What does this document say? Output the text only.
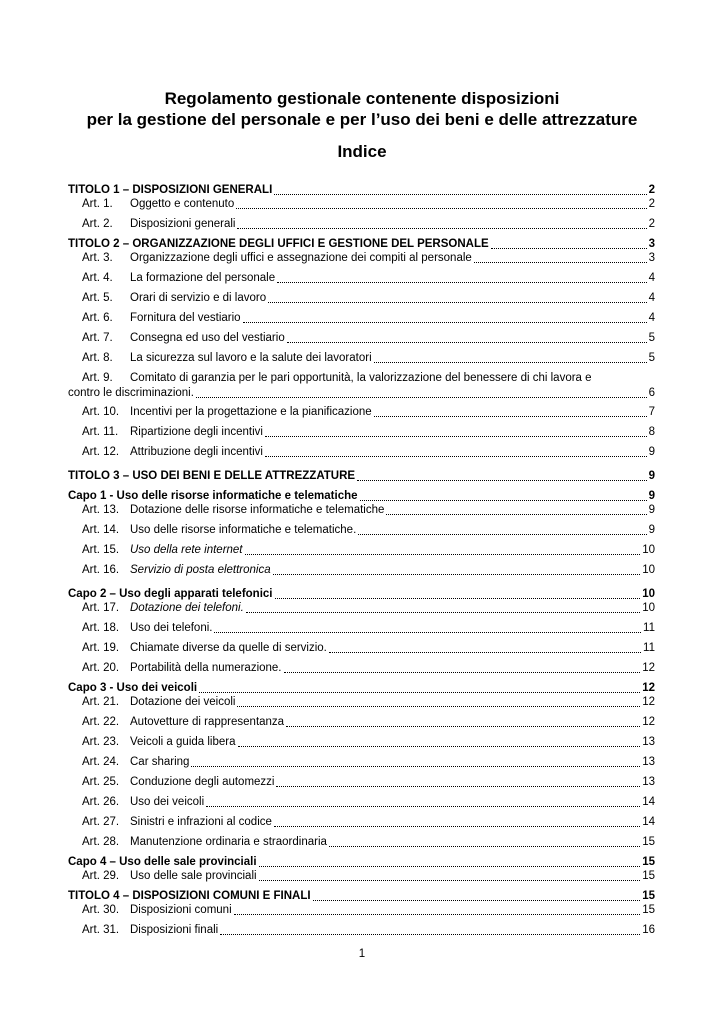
Regolamento gestionale contenente disposizioni
per la gestione del personale e per l’uso dei beni e delle attrezzature
Indice
TITOLO 1 – DISPOSIZIONI GENERALI	2
Art. 1.	Oggetto e contenuto	2
Art. 2.	Disposizioni generali	2
TITOLO 2 – ORGANIZZAZIONE DEGLI UFFICI E GESTIONE DEL PERSONALE	3
Art. 3.	Organizzazione degli uffici e assegnazione dei compiti al personale	3
Art. 4.	La formazione del personale	4
Art. 5.	Orari di servizio e di lavoro	4
Art. 6.	Fornitura del vestiario	4
Art. 7.	Consegna ed uso del vestiario	5
Art. 8.	La sicurezza sul lavoro e la salute dei lavoratori	5
Art. 9. Comitato di garanzia per le pari opportunità, la valorizzazione del benessere di chi lavora e
contro le discriminazioni.	6
Art. 10. Incentivi per la progettazione e la pianificazione	7
Art. 11.	Ripartizione degli incentivi	8
Art. 12. Attribuzione degli incentivi	9
TITOLO 3 – USO DEI BENI E DELLE ATTREZZATURE	9
Capo 1 - Uso delle risorse informatiche e telematiche	9
Art. 13. Dotazione delle risorse informatiche e telematiche	9
Art. 14. Uso delle risorse informatiche e telematiche.	9
Art. 15. Uso della rete internet	10
Art. 16. Servizio di posta elettronica	10
Capo 2 – Uso degli apparati telefonici	10
Art. 17. Dotazione dei telefoni.	10
Art. 18. Uso dei telefoni.	11
Art. 19. Chiamate diverse da quelle di servizio.	11
Art. 20. Portabilità della numerazione.	12
Capo 3 - Uso dei veicoli	12
Art. 21. Dotazione dei veicoli	12
Art. 22. Autovetture di rappresentanza	12
Art. 23. Veicoli a guida libera	13
Art. 24. Car sharing	13
Art. 25. Conduzione degli automezzi	13
Art. 26. Uso dei veicoli	14
Art. 27. Sinistri e infrazioni al codice	14
Art. 28. Manutenzione ordinaria e straordinaria	15
Capo 4 – Uso delle sale provinciali	15
Art. 29. Uso delle sale provinciali	15
TITOLO 4 – DISPOSIZIONI COMUNI E FINALI	15
Art. 30. Disposizioni comuni	15
Art. 31. Disposizioni finali	16
1
